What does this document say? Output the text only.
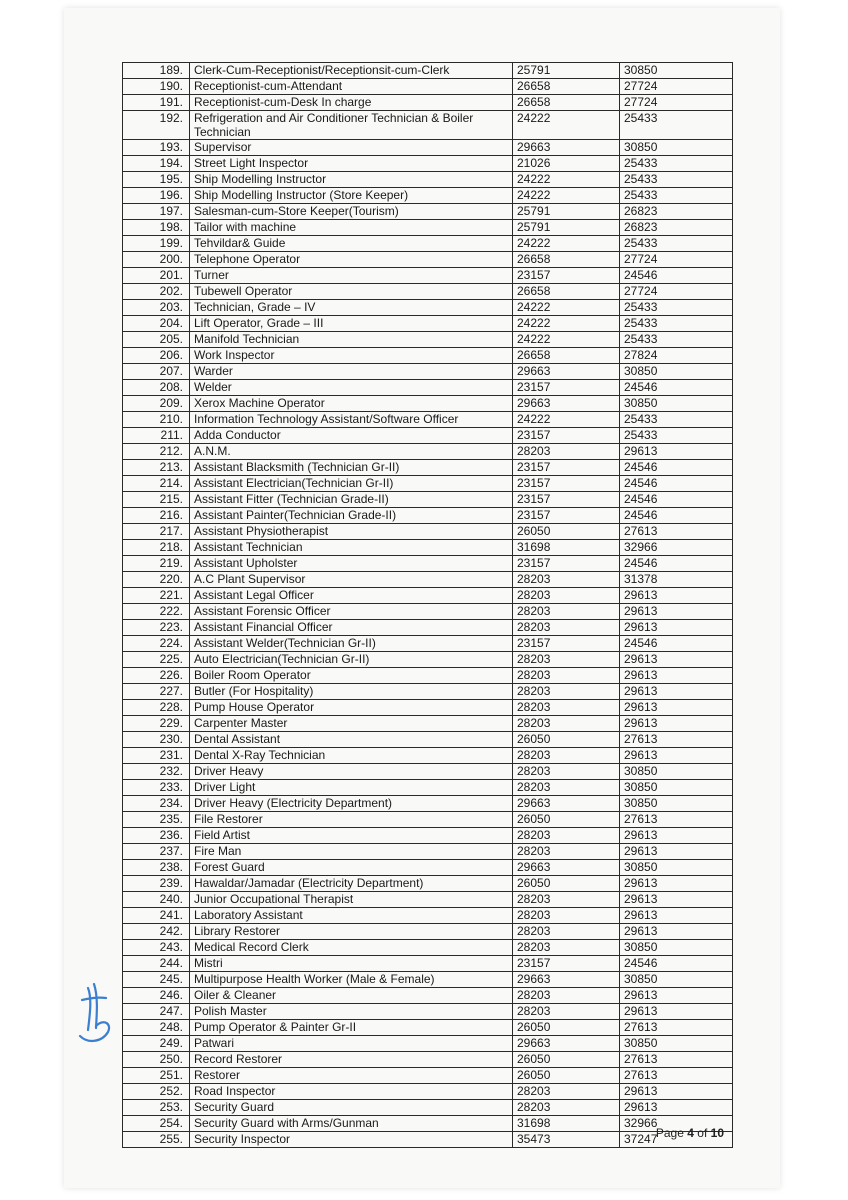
189.	Clerk-Cum-Receptionist/Receptionsit-cum-Clerk	25791	30850
190.	Receptionist-cum-Attendant	26658	27724
191.	Receptionist-cum-Desk In charge	26658	27724
192.	Refrigeration and Air Conditioner Technician & Boiler Technician	24222	25433
193.	Supervisor	29663	30850
194.	Street Light Inspector	21026	25433
195.	Ship Modelling Instructor	24222	25433
196.	Ship Modelling Instructor (Store Keeper)	24222	25433
197.	Salesman-cum-Store Keeper(Tourism)	25791	26823
198.	Tailor with machine	25791	26823
199.	Tehvildar& Guide	24222	25433
200.	Telephone Operator	26658	27724
201.	Turner	23157	24546
202.	Tubewell Operator	26658	27724
203.	Technician, Grade – IV	24222	25433
204.	Lift Operator, Grade – III	24222	25433
205.	Manifold Technician	24222	25433
206.	Work Inspector	26658	27824
207.	Warder	29663	30850
208.	Welder	23157	24546
209.	Xerox Machine Operator	29663	30850
210.	Information Technology Assistant/Software Officer	24222	25433
211.	Adda Conductor	23157	25433
212.	A.N.M.	28203	29613
213.	Assistant Blacksmith (Technician Gr-II)	23157	24546
214.	Assistant Electrician(Technician Gr-II)	23157	24546
215.	Assistant Fitter (Technician Grade-II)	23157	24546
216.	Assistant Painter(Technician Grade-II)	23157	24546
217.	Assistant Physiotherapist	26050	27613
218.	Assistant Technician	31698	32966
219.	Assistant Upholster	23157	24546
220.	A.C Plant Supervisor	28203	31378
221.	Assistant Legal Officer	28203	29613
222.	Assistant Forensic Officer	28203	29613
223.	Assistant Financial Officer	28203	29613
224.	Assistant Welder(Technician Gr-II)	23157	24546
225.	Auto Electrician(Technician Gr-II)	28203	29613
226.	Boiler Room Operator	28203	29613
227.	Butler (For Hospitality)	28203	29613
228.	Pump House Operator	28203	29613
229.	Carpenter Master	28203	29613
230.	Dental Assistant	26050	27613
231.	Dental X-Ray Technician	28203	29613
232.	Driver Heavy	28203	30850
233.	Driver Light	28203	30850
234.	Driver Heavy (Electricity Department)	29663	30850
235.	File Restorer	26050	27613
236.	Field Artist	28203	29613
237.	Fire Man	28203	29613
238.	Forest Guard	29663	30850
239.	Hawaldar/Jamadar (Electricity Department)	26050	29613
240.	Junior Occupational Therapist	28203	29613
241.	Laboratory Assistant	28203	29613
242.	Library Restorer	28203	29613
243.	Medical Record Clerk	28203	30850
244.	Mistri	23157	24546
245.	Multipurpose Health Worker (Male & Female)	29663	30850
246.	Oiler & Cleaner	28203	29613
247.	Polish Master	28203	29613
248.	Pump Operator & Painter Gr-II	26050	27613
249.	Patwari	29663	30850
250.	Record Restorer	26050	27613
251.	Restorer	26050	27613
252.	Road Inspector	28203	29613
253.	Security Guard	28203	29613
254.	Security Guard with Arms/Gunman	31698	32966
255.	Security Inspector	35473	37247
Page 4 of 10
